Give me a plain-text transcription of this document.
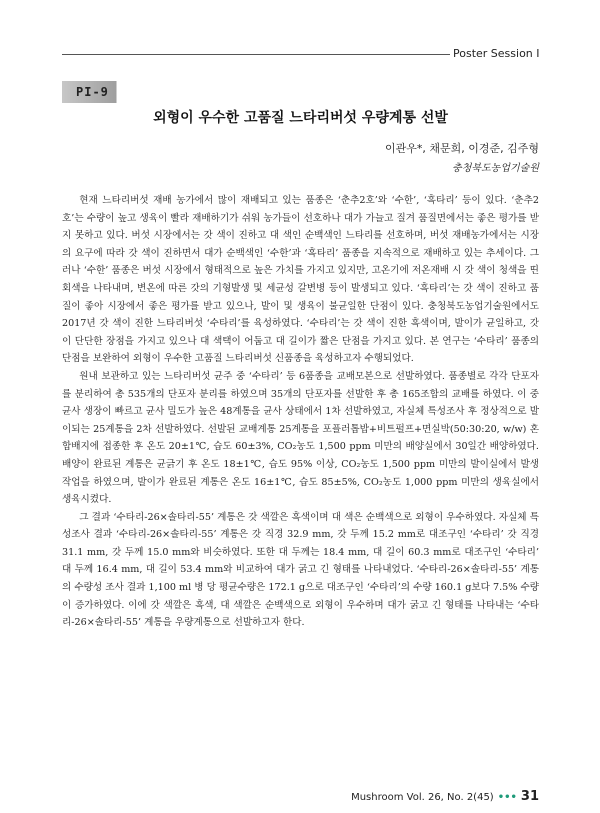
Poster Session Ⅰ
PI-9
외형이 우수한 고품질 느타리버섯 우량계통 선발
이관우*, 채문희, 이경준, 김주형
충청북도농업기술원

현재 느타리버섯 재배 농가에서 많이 재배되고 있는 품종은 ‘춘추2호’와 ‘수한’, ‘흑타리’ 등이 있다. ‘춘추2호’는 수량이 높고 생육이 빨라 재배하기가 쉬워 농가들이 선호하나 대가 가늘고 질겨 품질면에서는 좋은 평가를 받지 못하고 있다. 버섯 시장에서는 갓 색이 진하고 대 색인 순백색인 느타리를 선호하며, 버섯 재배농가에서는 시장의 요구에 따라 갓 색이 진하면서 대가 순백색인 ‘수한’과 ‘흑타리’ 품종을 지속적으로 재배하고 있는 추세이다. 그러나 ‘수한’ 품종은 버섯 시장에서 형태적으로 높은 가치를 가지고 있지만, 고온기에 저온재배 시 갓 색이 청색을 띤 회색을 나타내며, 변온에 따른 갓의 기형발생 및 세균성 갈변병 등이 발생되고 있다. ‘흑타리’는 갓 색이 진하고 품질이 좋아 시장에서 좋은 평가를 받고 있으나, 발이 및 생육이 불균일한 단점이 있다. 충청북도농업기술원에서도 2017년 갓 색이 진한 느타리버섯 ‘수타리’를 육성하였다. ‘수타리’는 갓 색이 진한 흑색이며, 발이가 균일하고, 갓이 단단한 장점을 가지고 있으나 대 색택이 어둡고 대 길이가 짧은 단점을 가지고 있다. 본 연구는 ‘수타리’ 품종의 단점을 보완하여 외형이 우수한 고품질 느타리버섯 신품종을 육성하고자 수행되었다.

원내 보관하고 있는 느타리버섯 균주 중 ‘수타리’ 등 6품종을 교배모본으로 선발하였다. 품종별로 각각 단포자를 분리하여 총 535개의 단포자 분리를 하였으며 35개의 단포자를 선발한 후 총 165조합의 교배를 하였다. 이 중 균사 생장이 빠르고 균사 밀도가 높은 48계통을 균사 상태에서 1차 선발하였고, 자실체 특성조사 후 정상적으로 발이되는 25계통을 2차 선발하였다. 선발된 교배계통 25계통을 포플러톱밥+비트펄프+면실박(50:30:20, w/w) 혼합배지에 접종한 후 온도 20±1℃, 습도 60±3%, CO₂농도 1,500 ppm 미만의 배양실에서 30일간 배양하였다. 배양이 완료된 계통은 균긁기 후 온도 18±1℃, 습도 95% 이상, CO₂농도 1,500 ppm 미만의 발이실에서 발생 작업을 하였으며, 발이가 완료된 계통은 온도 16±1℃, 습도 85±5%, CO₂농도 1,000 ppm 미만의 생육실에서 생육시켰다.

그 결과 ‘수타리-26×솔타리-55’ 계통은 갓 색깔은 흑색이며 대 색은 순백색으로 외형이 우수하였다. 자실체 특성조사 결과 ‘수타리-26×솔타리-55’ 계통은 갓 직경 32.9 mm, 갓 두께 15.2 mm로 대조구인 ‘수타리’ 갓 직경 31.1 mm, 갓 두께 15.0 mm와 비슷하였다. 또한 대 두께는 18.4 mm, 대 길이 60.3 mm로 대조구인 ‘수타리’ 대 두께 16.4 mm, 대 길이 53.4 mm와 비교하여 대가 굵고 긴 형태를 나타내었다. ‘수타리-26×솔타리-55’ 계통의 수량성 조사 결과 1,100 ml 병 당 평균수량은 172.1 g으로 대조구인 ‘수타리’의 수량 160.1 g보다 7.5% 수량이 증가하였다. 이에 갓 색깔은 흑색, 대 색깔은 순백색으로 외형이 우수하며 대가 굵고 긴 형태를 나타내는 ‘수타리-26×솔타리-55’ 계통을 우량계통으로 선발하고자 한다.

Mushroom Vol. 26, No. 2(45) ••• 31
